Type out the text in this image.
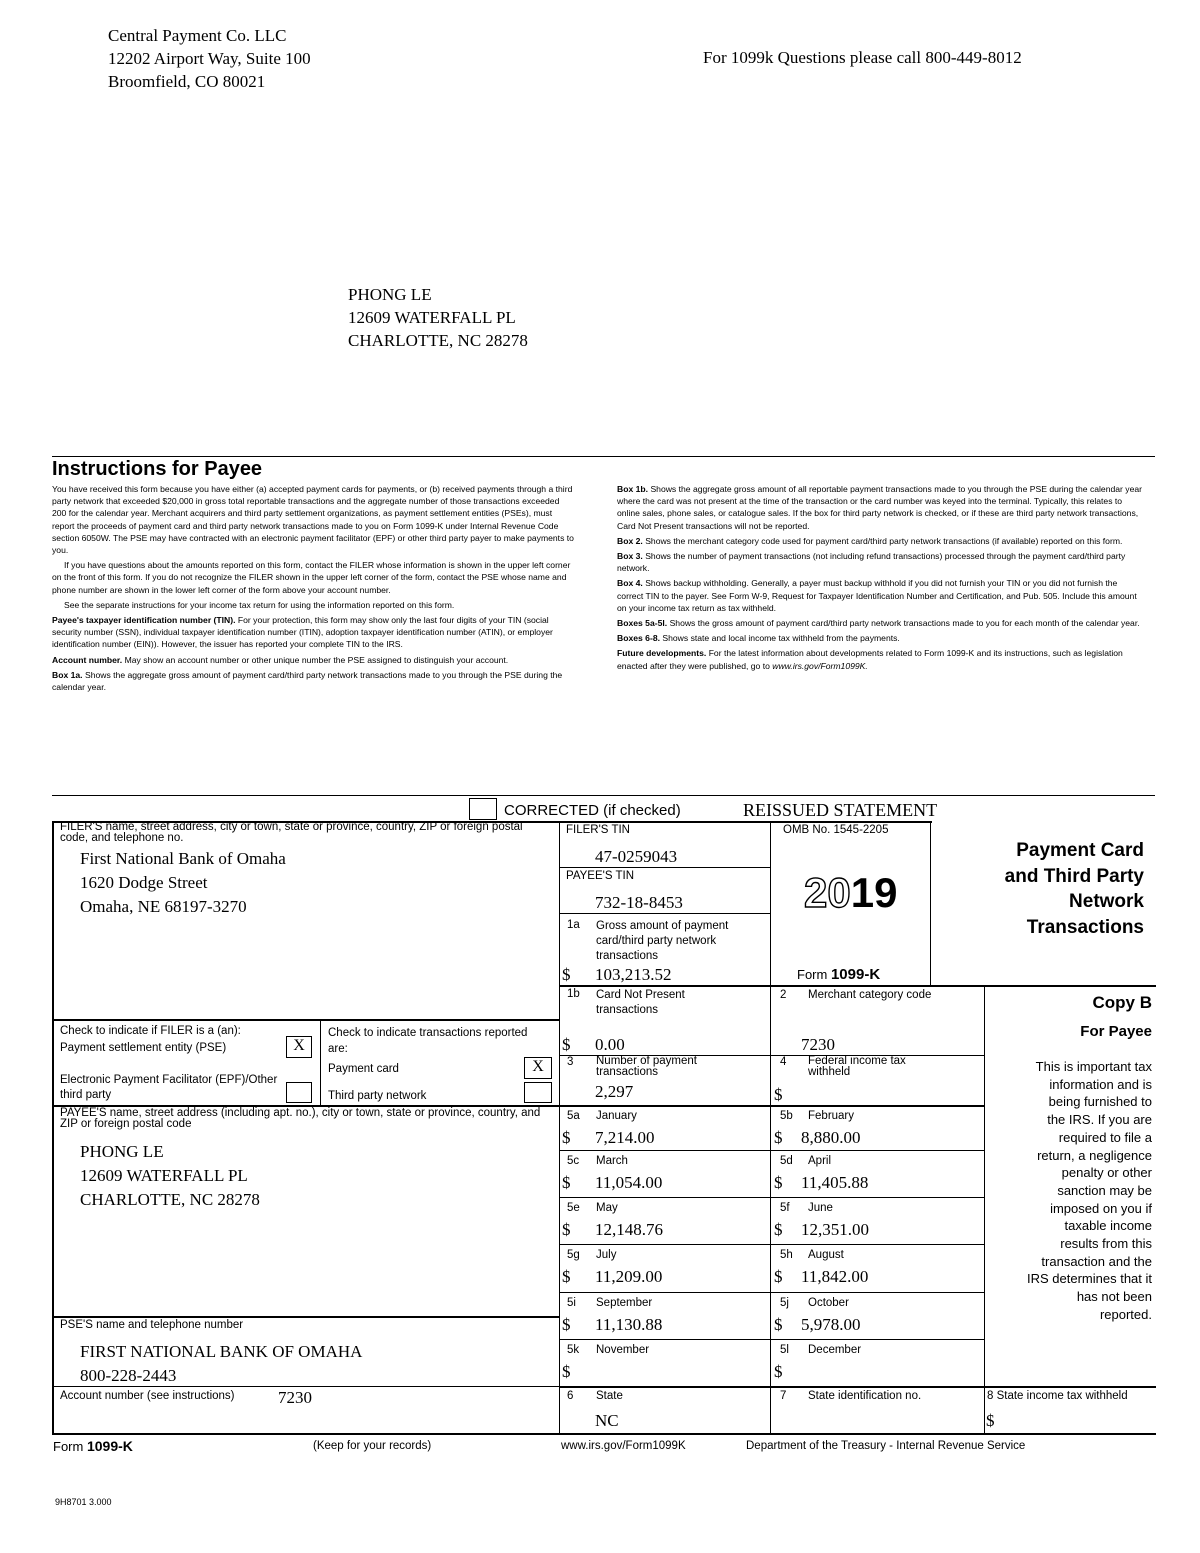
Central Payment Co. LLC
12202 Airport Way, Suite 100
Broomfield, CO 80021
For 1099k Questions please call 800-449-8012
PHONG LE
12609 WATERFALL PL
CHARLOTTE, NC 28278
Instructions for Payee

You have received this form because you have either (a) accepted payment cards for payments, or (b) received payments through a third party network that exceeded $20,000 in gross total reportable transactions and the aggregate number of those transactions exceeded 200 for the calendar year. Merchant acquirers and third party settlement organizations, as payment settlement entities (PSEs), must report the proceeds of payment card and third party network transactions made to you on Form 1099-K under Internal Revenue Code section 6050W. The PSE may have contracted with an electronic payment facilitator (EPF) or other third party payer to make payments to you.

If you have questions about the amounts reported on this form, contact the FILER whose information is shown in the upper left corner on the front of this form. If you do not recognize the FILER shown in the upper left corner of the form, contact the PSE whose name and phone number are shown in the lower left corner of the form above your account number.

See the separate instructions for your income tax return for using the information reported on this form.

Payee's taxpayer identification number (TIN). For your protection, this form may show only the last four digits of your TIN (social security number (SSN), individual taxpayer identification number (ITIN), adoption taxpayer identification number (ATIN), or employer identification number (EIN)). However, the issuer has reported your complete TIN to the IRS.

Account number. May show an account number or other unique number the PSE assigned to distinguish your account.

Box 1a. Shows the aggregate gross amount of payment card/third party network transactions made to you through the PSE during the calendar year.

Box 1b. Shows the aggregate gross amount of all reportable payment transactions made to you through the PSE during the calendar year where the card was not present at the time of the transaction or the card number was keyed into the terminal. Typically, this relates to online sales, phone sales, or catalogue sales. If the box for third party network is checked, or if these are third party network transactions, Card Not Present transactions will not be reported.

Box 2. Shows the merchant category code used for payment card/third party network transactions (if available) reported on this form.

Box 3. Shows the number of payment transactions (not including refund transactions) processed through the payment card/third party network.

Box 4. Shows backup withholding. Generally, a payer must backup withhold if you did not furnish your TIN or you did not furnish the correct TIN to the payer. See Form W-9, Request for Taxpayer Identification Number and Certification, and Pub. 505. Include this amount on your income tax return as tax withheld.

Boxes 5a-5l. Shows the gross amount of payment card/third party network transactions made to you for each month of the calendar year.

Boxes 6-8. Shows state and local income tax withheld from the payments.

Future developments. For the latest information about developments related to Form 1099-K and its instructions, such as legislation enacted after they were published, go to www.irs.gov/Form1099K.

CORRECTED (if checked)	REISSUED STATEMENT
FILER'S name, street address, city or town, state or province, country, ZIP or foreign postal code, and telephone no.
First National Bank of Omaha
1620 Dodge Street
Omaha, NE 68197-3270
FILER'S TIN
47-0259043
PAYEE'S TIN
732-18-8453
OMB No. 1545-2205
2019
Form 1099-K
Payment Card
and Third Party
Network
Transactions
1a Gross amount of payment card/third party network transactions
$ 103,213.52
1b Card Not Present transactions
$ 0.00
2 Merchant category code
7230
3 Number of payment transactions
2,297
4 Federal income tax withheld
$
Check to indicate if FILER is a (an):
Payment settlement entity (PSE)	X
Electronic Payment Facilitator (EPF)/Other third party
Check to indicate transactions reported are:
Payment card	X
Third party network
PAYEE'S name, street address (including apt. no.), city or town, state or province, country, and ZIP or foreign postal code
PHONG LE
12609 WATERFALL PL
CHARLOTTE, NC 28278
PSE'S name and telephone number
FIRST NATIONAL BANK OF OMAHA
800-228-2443
Account number (see instructions)	7230
5a January
$ 7,214.00
5b February
$ 8,880.00
5c March
$ 11,054.00
5d April
$ 11,405.88
5e May
$ 12,148.76
5f June
$ 12,351.00
5g July
$ 11,209.00
5h August
$ 11,842.00
5i September
$ 11,130.88
5j October
$ 5,978.00
5k November
$
5l December
$
6 State
NC
7 State identification no.	8 State income tax withheld
$
Copy B
For Payee
This is important tax
information and is
being furnished to
the IRS. If you are
required to file a
return, a negligence
penalty or other
sanction may be
imposed on you if
taxable income
results from this
transaction and the
IRS determines that it
has not been
reported.
Form 1099-K	(Keep for your records)	www.irs.gov/Form1099K	Department of the Treasury - Internal Revenue Service
9H8701 3.000
